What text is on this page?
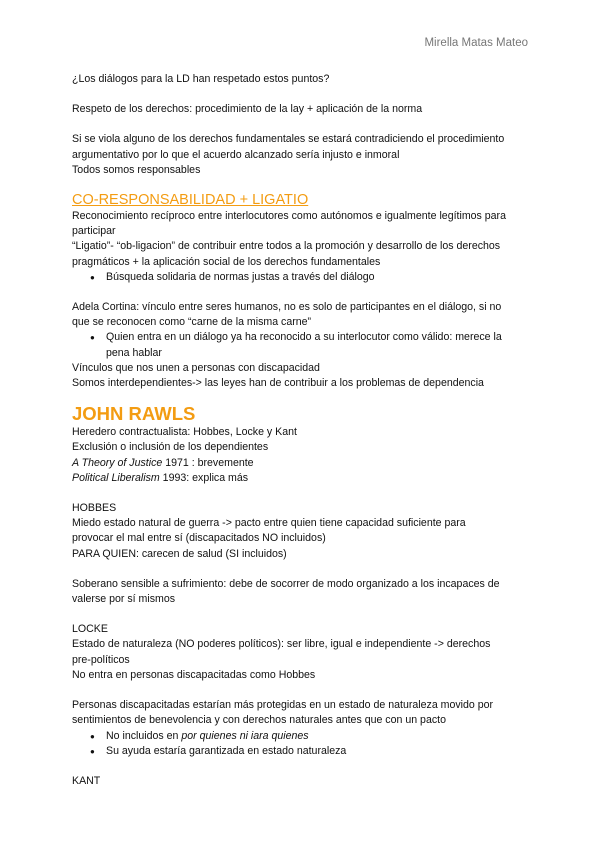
Mirella Matas Mateo

¿Los diálogos para la LD han respetado estos puntos?

Respeto de los derechos: procedimiento de la lay + aplicación de la norma

Si se viola alguno de los derechos fundamentales se estará contradiciendo el procedimiento

argumentativo por lo que el acuerdo alcanzado sería injusto e inmoral

Todos somos responsables

CO-RESPONSABILIDAD + LIGATIO

Reconocimiento recíproco entre interlocutores como autónomos e igualmente legítimos para

participar

“Ligatio”- “ob-ligacion” de contribuir entre todos a la promoción y desarrollo de los derechos

pragmáticos + la aplicación social de los derechos fundamentales

● Búsqueda solidaria de normas justas a través del diálogo

Adela Cortina: vínculo entre seres humanos, no es solo de participantes en el diálogo, si no

que se reconocen como “carne de la misma carne”

● Quien entra en un diálogo ya ha reconocido a su interlocutor como válido: merece la
pena hablar

Vínculos que nos unen a personas con discapacidad

Somos interdependientes-> las leyes han de contribuir a los problemas de dependencia

JOHN RAWLS

Heredero contractualista: Hobbes, Locke y Kant

Exclusión o inclusión de los dependientes

A Theory of Justice 1971 : brevemente

Political Liberalism 1993: explica más

HOBBES

Miedo estado natural de guerra -> pacto entre quien tiene capacidad suficiente para

provocar el mal entre sí (discapacitados NO incluidos)

PARA QUIEN: carecen de salud (SI incluidos)

Soberano sensible a sufrimiento: debe de socorrer de modo organizado a los incapaces de

valerse por sí mismos

LOCKE

Estado de naturaleza (NO poderes políticos): ser libre, igual e independiente -> derechos

pre-políticos

No entra en personas discapacitadas como Hobbes

Personas discapacitadas estarían más protegidas en un estado de naturaleza movido por

sentimientos de benevolencia y con derechos naturales antes que con un pacto

● No incluidos en por quienes ni iara quienes
● Su ayuda estaría garantizada en estado naturaleza

KANT
